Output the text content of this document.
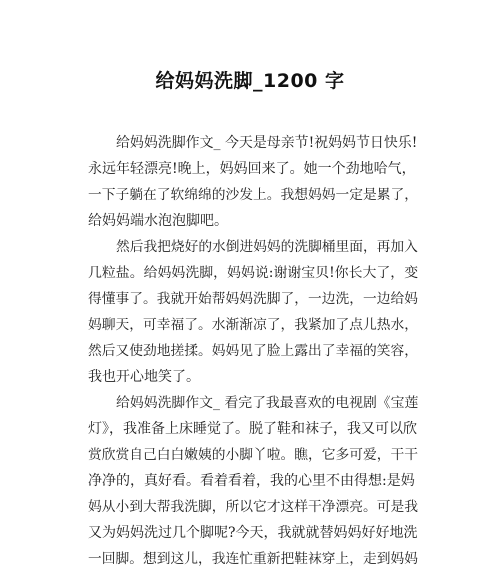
给妈妈洗脚_1200 字
给妈妈洗脚作文_ 今天是母亲节!祝妈妈节日快乐!
永远年轻漂亮!晚上，妈妈回来了。她一个劲地哈气，
一下子躺在了软绵绵的沙发上。我想妈妈一定是累了，
给妈妈端水泡泡脚吧。
然后我把烧好的水倒进妈妈的洗脚桶里面，再加入
几粒盐。给妈妈洗脚，妈妈说:谢谢宝贝!你长大了，变
得懂事了。我就开始帮妈妈洗脚了，一边洗，一边给妈
妈聊天，可幸福了。水渐渐凉了，我紧加了点儿热水，
然后又使劲地搓揉。妈妈见了脸上露出了幸福的笑容，
我也开心地笑了。
给妈妈洗脚作文_ 看完了我最喜欢的电视剧《宝莲
灯》，我准备上床睡觉了。脱了鞋和袜子，我又可以欣
赏欣赏自己白白嫩姨的小脚丫啦。瞧，它多可爱，干干
净净的，真好看。看着看着，我的心里不由得想:是妈
妈从小到大帮我洗脚，所以它才这样干净漂亮。可是我
又为妈妈洗过几个脚呢?今天，我就就替妈妈好好地洗
一回脚。想到这儿，我连忙重新把鞋袜穿上，走到妈妈
